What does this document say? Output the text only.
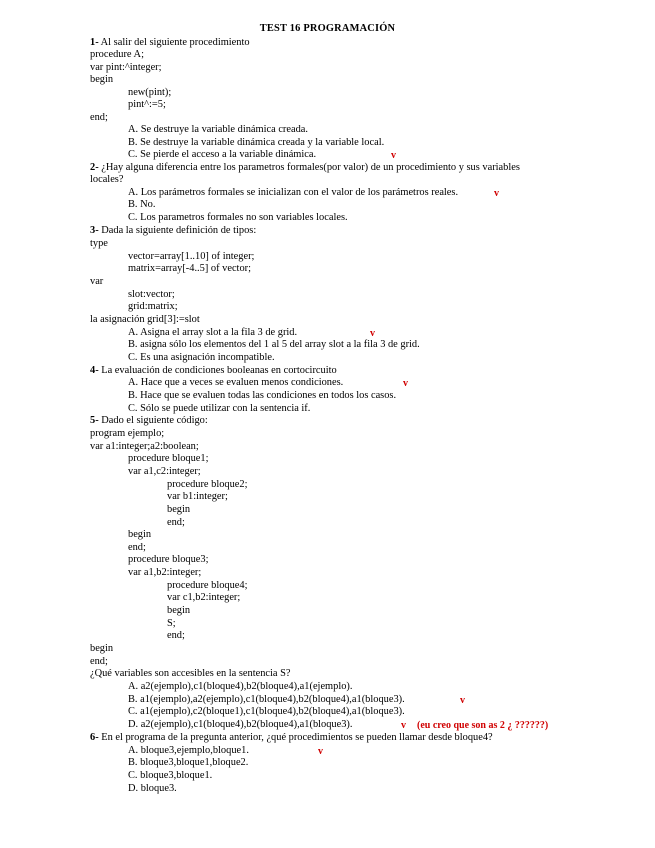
TEST 16 PROGRAMACIÓN
1- Al salir del siguiente procedimiento
procedure A;
var pint:^integer;
begin
new(pint);
pint^:=5;
end;
A. Se destruye la variable dinámica creada.
B. Se destruye la variable dinámica creada y la variable local.
C. Se pierde el acceso a la variable dinámica.	v
2- ¿Hay alguna diferencia entre los parametros formales(por valor) de un procedimiento y sus variables
locales?
A. Los parámetros formales se inicializan con el valor de los parámetros reales.	v
B. No.
C. Los parametros formales no son variables locales.
3- Dada la siguiente definición de tipos:
type
vector=array[1..10] of integer;
matrix=array[-4..5] of vector;
var
slot:vector;
grid:matrix;
la asignación grid[3]:=slot
A. Asigna el array slot a la fila 3 de grid.	v
B. asigna sólo los elementos del 1 al 5 del array slot a la fila 3 de grid.
C. Es una asignación incompatible.
4- La evaluación de condiciones booleanas en cortocircuito
A. Hace que a veces se evaluen menos condiciones.	v
B. Hace que se evaluen todas las condiciones en todos los casos.
C. Sólo se puede utilizar con la sentencia if.
5- Dado el siguiente código:
program ejemplo;
var a1:integer;a2:boolean;
procedure bloque1;
var a1,c2:integer;
procedure bloque2;
var b1:integer;
begin
end;
begin
end;
procedure bloque3;
var a1,b2:integer;
procedure bloque4;
var c1,b2:integer;
begin
S;
end;
begin
end;
¿Qué variables son accesibles en la sentencia S?
A. a2(ejemplo),c1(bloque4),b2(bloque4),a1(ejemplo).
B. a1(ejemplo),a2(ejemplo),c1(bloque4),b2(bloque4),a1(bloque3).	v
C. a1(ejemplo),c2(bloque1),c1(bloque4),b2(bloque4),a1(bloque3).
D. a2(ejemplo),c1(bloque4),b2(bloque4),a1(bloque3).	v (eu creo que son as 2 ¿ ??????)
6- En el programa de la pregunta anterior, ¿qué procedimientos se pueden llamar desde bloque4?
A. bloque3,ejemplo,bloque1.	v
B. bloque3,bloque1,bloque2.
C. bloque3,bloque1.
D. bloque3.
